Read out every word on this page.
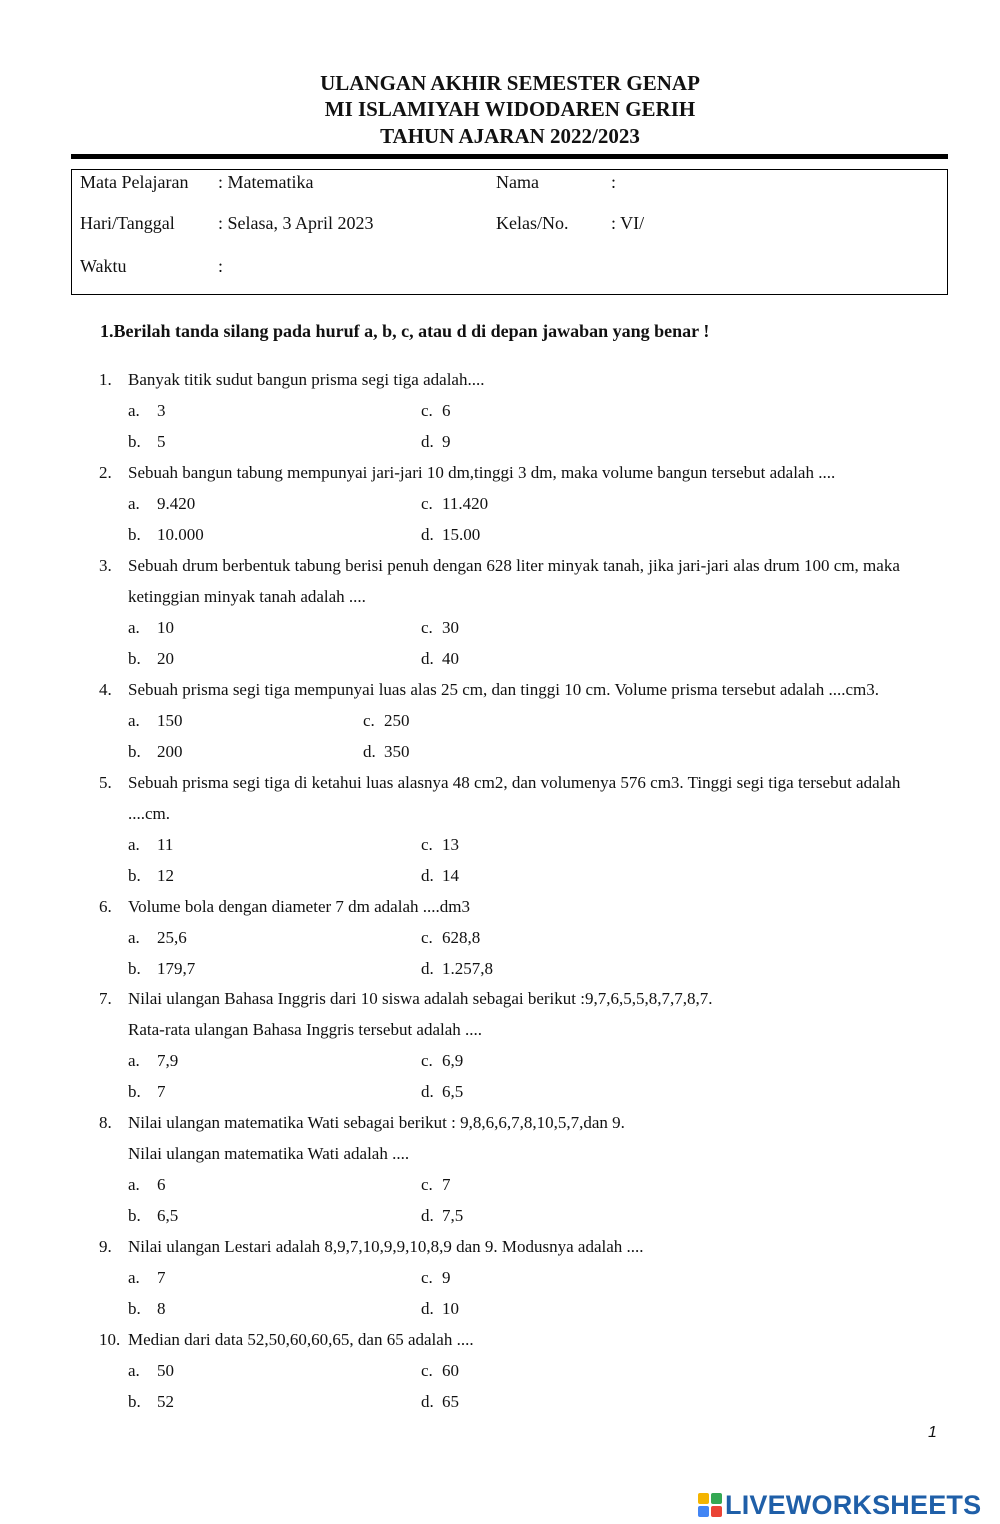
ULANGAN AKHIR SEMESTER GENAP
MI ISLAMIYAH WIDODAREN GERIH
TAHUN AJARAN 2022/2023
Mata Pelajaran : Matematika
Hari/Tanggal : Selasa, 3 April 2023
Waktu	:
Nama	:
Kelas/No. : VI/
1.Berilah tanda silang pada huruf a, b, c, atau d di depan jawaban yang benar !
1. Banyak titik sudut bangun prisma segi tiga adalah....
a. 3
b. 5
c. 6
d. 9
2. Sebuah bangun tabung mempunyai jari-jari 10 dm,tinggi 3 dm, maka volume bangun tersebut adalah ....
a. 9.420
b. 10.000
c. 11.420
d. 15.00
3. Sebuah drum berbentuk tabung berisi penuh dengan 628 liter minyak tanah, jika jari-jari alas drum 100 cm, maka
ketinggian minyak tanah adalah ....
a. 10
b. 20
c. 30
d. 40
4. Sebuah prisma segi tiga mempunyai luas alas 25 cm, dan tinggi 10 cm. Volume prisma tersebut adalah ....cm3.
a. 150
b. 200
c. 250
d. 350
5. Sebuah prisma segi tiga di ketahui luas alasnya 48 cm2, dan volumenya 576 cm3. Tinggi segi tiga tersebut adalah
....cm.
a. 11
b. 12
c. 13
d. 14
6. Volume bola dengan diameter 7 dm adalah ....dm3
a. 25,6
b. 179,7
c. 628,8
d. 1.257,8
7. Nilai ulangan Bahasa Inggris dari 10 siswa adalah sebagai berikut :9,7,6,5,5,8,7,7,8,7.
Rata-rata ulangan Bahasa Inggris tersebut adalah ....
a. 7,9
b. 7
c. 6,9
d. 6,5
8. Nilai ulangan matematika Wati sebagai berikut : 9,8,6,6,7,8,10,5,7,dan 9.
Nilai ulangan matematika Wati adalah ....
a. 6
b. 6,5
c. 7
d. 7,5
9. Nilai ulangan Lestari adalah 8,9,7,10,9,9,10,8,9 dan 9. Modusnya adalah ....
a. 7
b. 8
c. 9
d. 10
10. Median dari data 52,50,60,60,65, dan 65 adalah ....
a. 50
b. 52
c. 60
d. 65
1
LIVEWORKSHEETS
